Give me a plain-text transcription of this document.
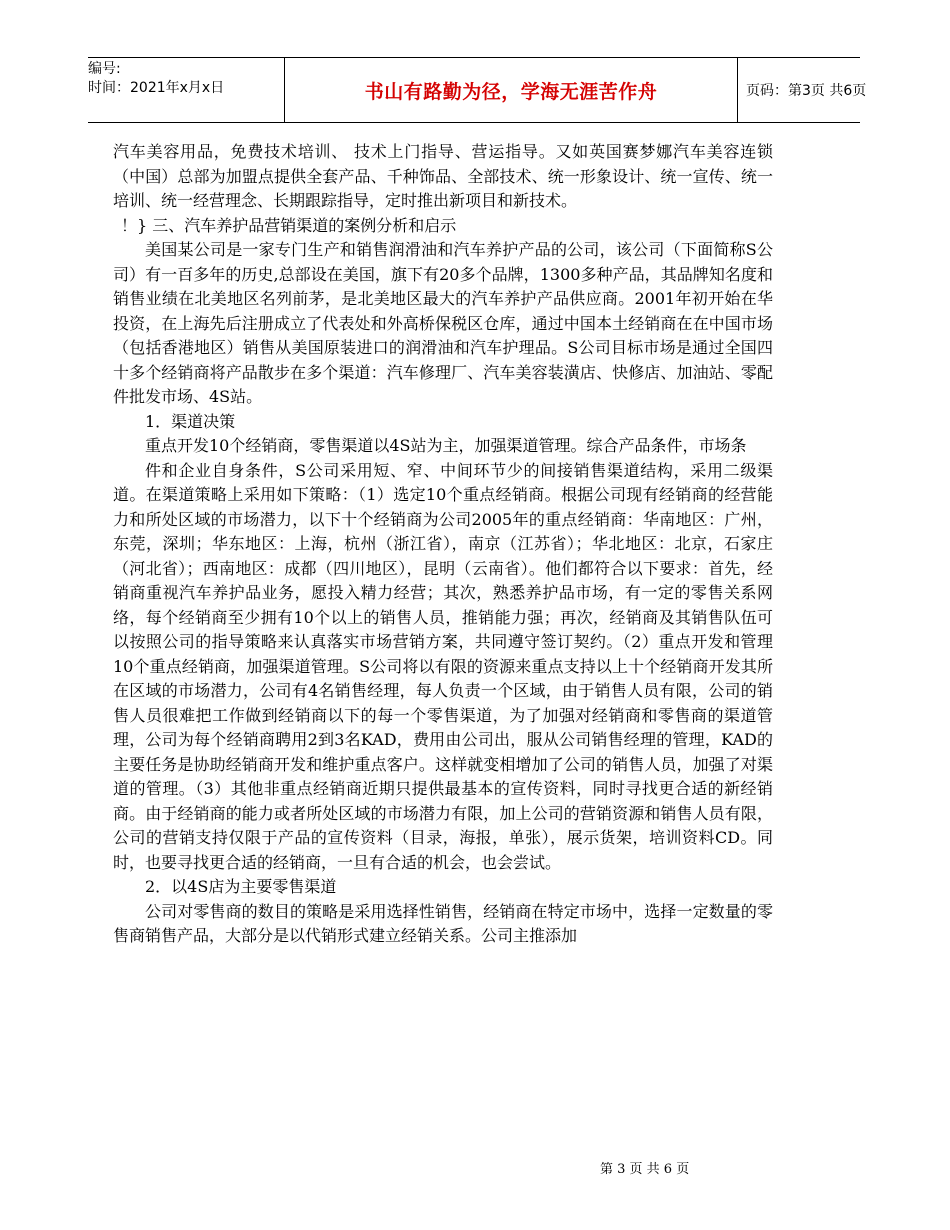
编号:
时间：2021年x月x日	书山有路勤为径，学海无涯苦作舟	页码：第3页 共6页

汽车美容用品，免费技术培训、 技术上门指导、营运指导。又如英国赛梦娜汽车美容连锁（中国）总部为加盟点提供全套产品、千种饰品、全部技术、统一形象设计、统一宣传、统一培训、统一经营理念、长期跟踪指导，定时推出新项目和新技术。

！} 三、汽车养护品营销渠道的案例分析和启示

美国某公司是一家专门生产和销售润滑油和汽车养护产品的公司，该公司（下面简称S公司）有一百多年的历史,总部设在美国，旗下有20多个品牌，1300多种产品，其品牌知名度和销售业绩在北美地区名列前茅，是北美地区最大的汽车养护产品供应商。2001年初开始在华投资，在上海先后注册成立了代表处和外高桥保税区仓库，通过中国本土经销商在在中国市场（包括香港地区）销售从美国原装进口的润滑油和汽车护理品。S公司目标市场是通过全国四十多个经销商将产品散步在多个渠道：汽车修理厂、汽车美容装潢店、快修店、加油站、零配件批发市场、4S站。

1．渠道决策

重点开发10个经销商，零售渠道以4S站为主，加强渠道管理。综合产品条件，市场条

件和企业自身条件，S公司采用短、窄、中间环节少的间接销售渠道结构，采用二级渠道。在渠道策略上采用如下策略：（1）选定10个重点经销商。根据公司现有经销商的经营能力和所处区域的市场潜力，以下十个经销商为公司2005年的重点经销商：华南地区：广州，东莞，深圳；华东地区：上海，杭州（浙江省），南京（江苏省）；华北地区：北京，石家庄（河北省）；西南地区：成都（四川地区），昆明（云南省）。他们都符合以下要求：首先，经销商重视汽车养护品业务，愿投入精力经营；其次，熟悉养护品市场，有一定的零售关系网络，每个经销商至少拥有10个以上的销售人员，推销能力强；再次，经销商及其销售队伍可以按照公司的指导策略来认真落实市场营销方案，共同遵守签订契约。（2）重点开发和管理10个重点经销商，加强渠道管理。S公司将以有限的资源来重点支持以上十个经销商开发其所在区域的市场潜力，公司有4名销售经理，每人负责一个区域，由于销售人员有限，公司的销售人员很难把工作做到经销商以下的每一个零售渠道，为了加强对经销商和零售商的渠道管理，公司为每个经销商聘用2到3名KAD，费用由公司出，服从公司销售经理的管理，KAD的主要任务是协助经销商开发和维护重点客户。这样就变相增加了公司的销售人员，加强了对渠道的管理。（3）其他非重点经销商近期只提供最基本的宣传资料，同时寻找更合适的新经销商。由于经销商的能力或者所处区域的市场潜力有限，加上公司的营销资源和销售人员有限，公司的营销支持仅限于产品的宣传资料（目录，海报，单张），展示货架，培训资料CD。同时，也要寻找更合适的经销商，一旦有合适的机会，也会尝试。

2．以4S店为主要零售渠道

公司对零售商的数目的策略是采用选择性销售，经销商在特定市场中，选择一定数量的零售商销售产品，大部分是以代销形式建立经销关系。公司主推添加

第 3 页 共 6 页
